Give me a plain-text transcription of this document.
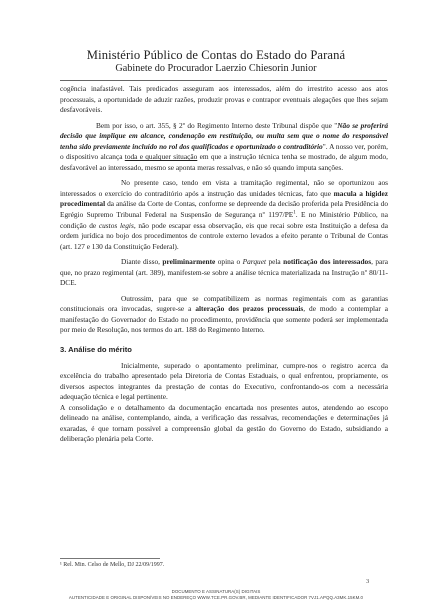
Ministério Público de Contas do Estado do Paraná
Gabinete do Procurador Laerzio Chiesorin Junior

cogência inafastável. Tais predicados asseguram aos interessados, além do irrestrito acesso aos atos processuais, a oportunidade de aduzir razões, produzir provas e contrapor eventuais alegações que lhes sejam desfavoráveis.

Bem por isso, o art. 355, § 2º do Regimento Interno deste Tribunal dispõe que "Não se proferirá decisão que implique em alcance, condenação em restituição, ou multa sem que o nome do responsável tenha sido previamente incluído no rol dos qualificados e oportunizado o contraditório". A nosso ver, porém, o dispositivo alcança toda e qualquer situação em que a instrução técnica tenha se mostrado, de algum modo, desfavorável ao interessado, mesmo se aponta meras ressalvas, e não só quando imputa sanções.

No presente caso, tendo em vista a tramitação regimental, não se oportunizou aos interessados o exercício do contraditório após a instrução das unidades técnicas, fato que macula a higidez procedimental da análise da Corte de Contas, conforme se depreende da decisão proferida pela Presidência do Egrégio Supremo Tribunal Federal na Suspensão de Segurança nº $1197/PE^1$. E no Ministério Público, na condição de custos legis, não pode escapar essa observação, eis que recai sobre esta Instituição a defesa da ordem jurídica no bojo dos procedimentos de controle externo levados a efeito perante o Tribunal de Contas (art. 127 e 130 da Constituição Federal).

Diante disso, preliminarmente opina o Parquet pela notificação dos interessados, para que, no prazo regimental (art. 389), manifestem-se sobre a análise técnica materializada na Instrução nº 80/11-DCE.

Outrossim, para que se compatibilizem as normas regimentais com as garantias constitucionais ora invocadas, sugere-se a alteração dos prazos processuais, de modo a contemplar a manifestação do Governador do Estado no procedimento, providência que somente poderá ser implementada por meio de Resolução, nos termos do art. 188 do Regimento Interno.

3. Análise do mérito

Inicialmente, superado o apontamento preliminar, cumpre-nos o registro acerca da excelência do trabalho apresentado pela Diretoria de Contas Estaduais, o qual enfrentou, propriamente, os diversos aspectos integrantes da prestação de contas do Executivo, confrontando-os com a necessária adequação técnica e legal pertinente.

A consolidação e o detalhamento da documentação encartada nos presentes autos, atendendo ao escopo delineado na análise, contemplando, ainda, a verificação das ressalvas, recomendações e determinações já exaradas, é que tornam possível a compreensão global da gestão do Governo do Estado, subsidiando a deliberação plenária pela Corte.

¹ Rel. Min. Celso de Mello, DJ 22/09/1997.
3
DOCUMENTO E ASSINATURA(S) DIGITAIS
AUTENTICIDADE E ORIGINAL DISPONÍVEIS NO ENDEREÇO WWW.TCE.PR.GOV.BR, MEDIANTE IDENTIFICADOR 7VJ1.APQQ.A3MK.15KM.0
